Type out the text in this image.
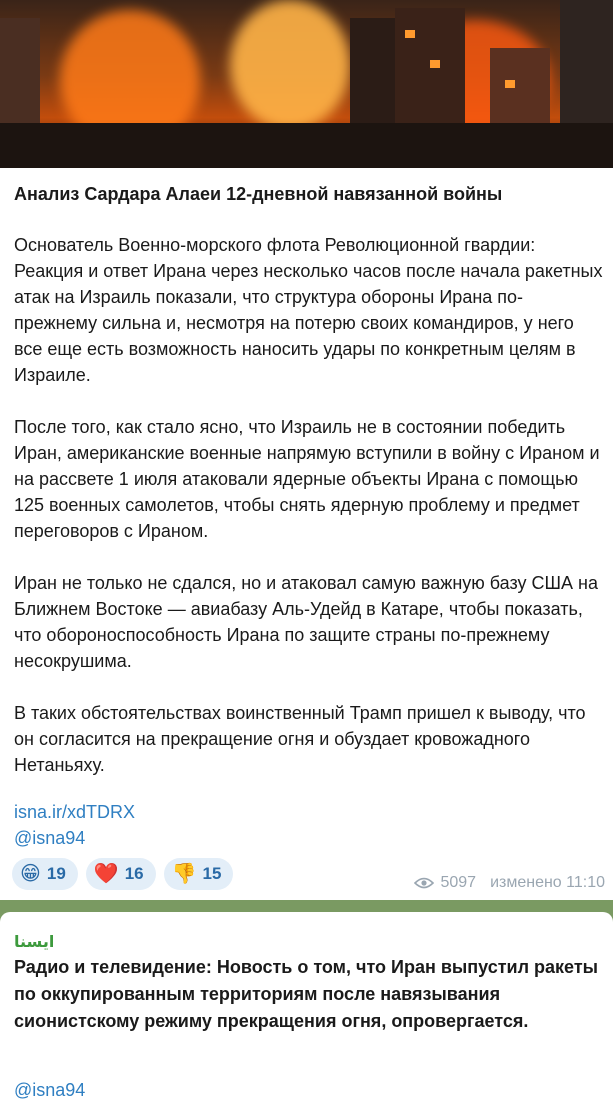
Анализ Сардара Алаеи 12-дневной навязанной войны
Основатель Военно-морского флота Революционной гвардии: Реакция и ответ Ирана через несколько часов после начала ракетных атак на Израиль показали, что структура обороны Ирана по-прежнему сильна и, несмотря на потерю своих командиров, у него все еще есть возможность наносить удары по конкретным целям в Израиле.
После того, как стало ясно, что Израиль не в состоянии победить Иран, американские военные напрямую вступили в войну с Ираном и на рассвете 1 июля атаковали ядерные объекты Ирана с помощью 125 военных самолетов, чтобы снять ядерную проблему и предмет переговоров с Ираном.
Иран не только не сдался, но и атаковал самую важную базу США на Ближнем Востоке — авиабазу Аль-Удейд в Катаре, чтобы показать, что обороноспособность Ирана по защите страны по-прежнему несокрушима.
В таких обстоятельствах воинственный Трамп пришел к выводу, что он согласится на прекращение огня и обуздает кровожадного Нетаньяху.
isna.ir/xdTDRX
@isna94
😁 19 ❤️ 16 👎 15	5097 изменено 11:10
ایسنا
Радио и телевидение: Новость о том, что Иран выпустил ракеты по оккупированным территориям после навязывания сионистскому режиму прекращения огня, опровергается.
@isna94
